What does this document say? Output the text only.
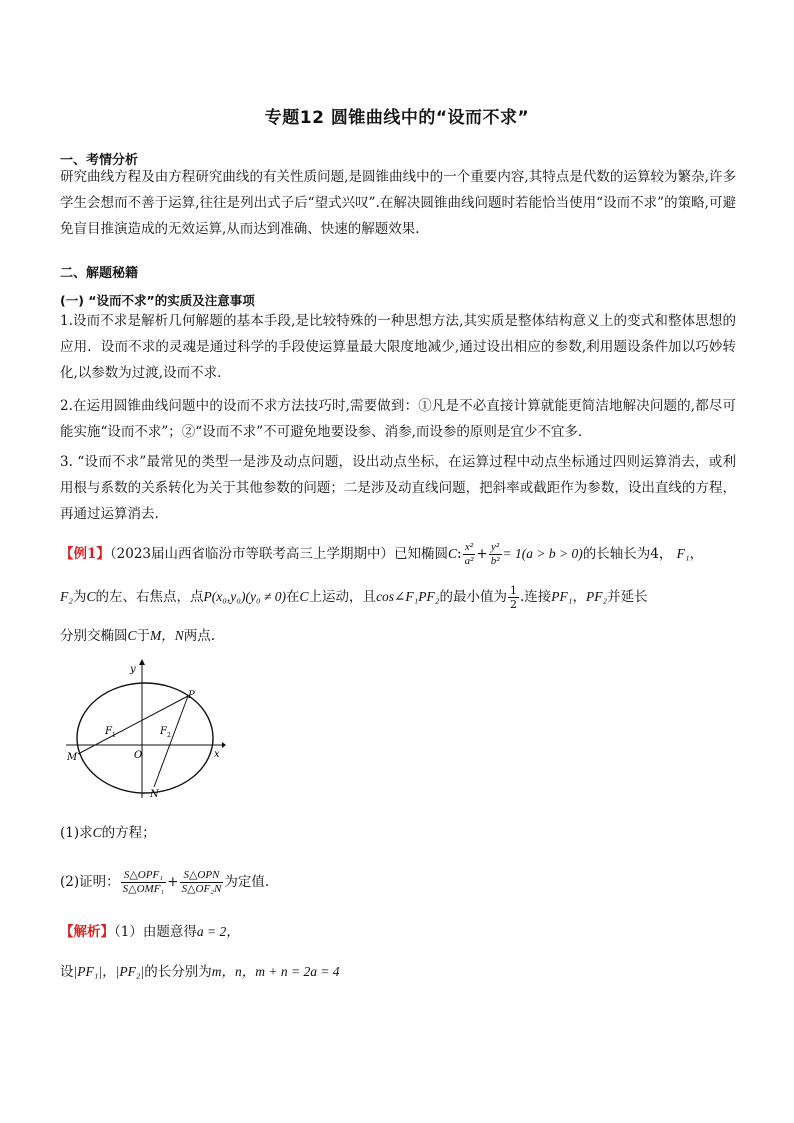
专题12 圆锥曲线中的“设而不求”
一、考情分析
研究曲线方程及由方程研究曲线的有关性质问题,是圆锥曲线中的一个重要内容,其特点是代数的运算较为繁杂,许多学生会想而不善于运算,往往是列出式子后“望式兴叹”.在解决圆锥曲线问题时若能恰当使用“设而不求”的策略,可避免盲目推演造成的无效运算,从而达到准确、快速的解题效果.
二、解题秘籍
(一) “设而不求”的实质及注意事项
1.设而不求是解析几何解题的基本手段,是比较特殊的一种思想方法,其实质是整体结构意义上的变式和整体思想的应用．设而不求的灵魂是通过科学的手段使运算量最大限度地减少,通过设出相应的参数,利用题设条件加以巧妙转化,以参数为过渡,设而不求．
2.在运用圆锥曲线问题中的设而不求方法技巧时,需要做到：①凡是不必直接计算就能更简洁地解决问题的,都尽可能实施“设而不求”；②“设而不求”不可避免地要设参、消参,而设参的原则是宜少不宜多．
3. “设而不求”最常见的类型一是涉及动点问题，设出动点坐标，在运算过程中动点坐标通过四则运算消去，或利用根与系数的关系转化为关于其他参数的问题；二是涉及动直线问题，把斜率或截距作为参数，设出直线的方程，再通过运算消去.
【例1】（2023届山西省临汾市等联考高三上学期期中）已知椭圆C: $\frac{\text{x²}}{\text{a²}} + \frac{\text{y²}}{\text{b²}} = 1(a > b > 0)$的长轴长为4， F₁，
F₂为C的左、右焦点，点P(x₀,y₀)(y₀ ≠ 0)在C上运动，且cos∠F₁PF₂的最小值为 $\frac{1}{2}$ .连接PF₁，PF₂并延长
分别交椭圆C于M，N两点.
y
x
O
F 1	F 2
P
M
N
(1)求C的方程；
(2)证明： $\frac{\text{S△OPF₁}}{\text{S△OMF₁}} + \frac{\text{S△OPN}}{\text{S△OF₂N}}$ 为定值.
【解析】（1）由题意得a = 2，
设|PF₁|，|PF₂|的长分别为m，n，m + n = 2a = 4
